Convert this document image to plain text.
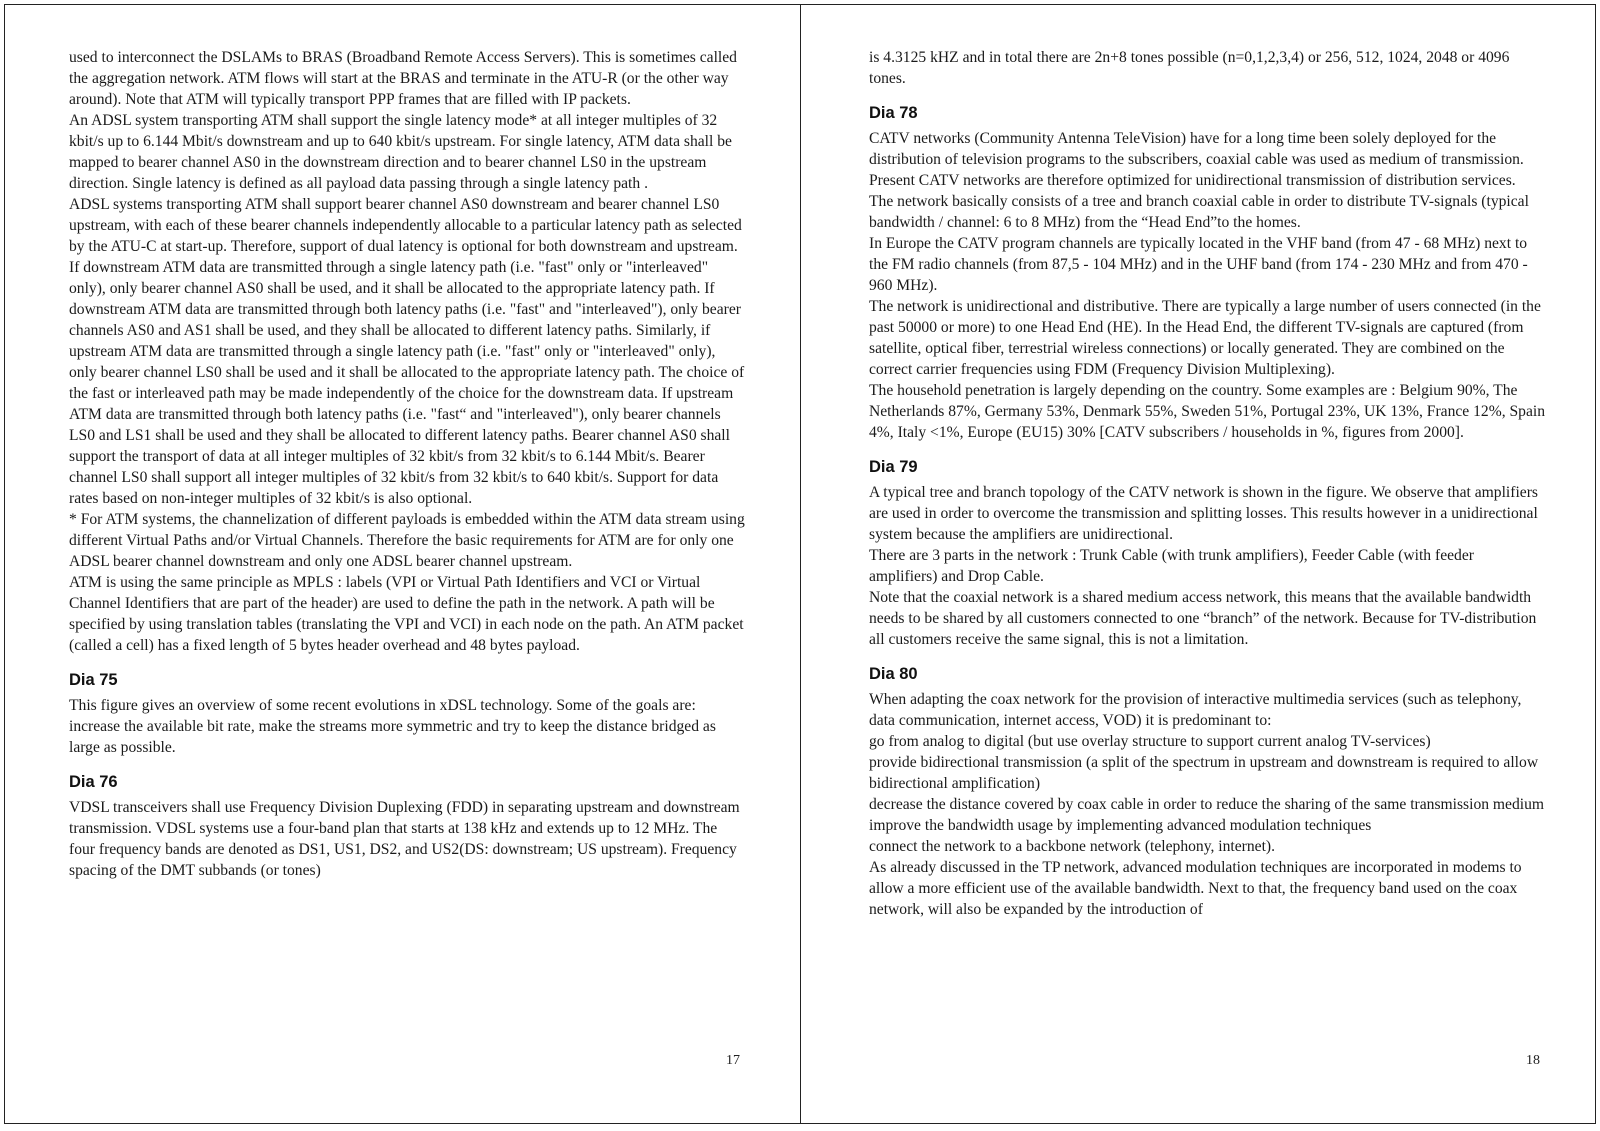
used to interconnect the DSLAMs to BRAS (Broadband Remote Access Servers). This is sometimes called the aggregation network. ATM flows will start at the BRAS and terminate in the ATU-R (or the other way around). Note that ATM will typically transport PPP frames that are filled with IP packets.

An ADSL system transporting ATM shall support the single latency mode* at all integer multiples of 32 kbit/s up to 6.144 Mbit/s downstream and up to 640 kbit/s upstream. For single latency, ATM data shall be mapped to bearer channel AS0 in the downstream direction and to bearer channel LS0 in the upstream direction. Single latency is defined as all payload data passing through a single latency path .

ADSL systems transporting ATM shall support bearer channel AS0 downstream and bearer channel LS0 upstream, with each of these bearer channels independently allocable to a particular latency path as selected by the ATU-C at start-up. Therefore, support of dual latency is optional for both downstream and upstream. If downstream ATM data are transmitted through a single latency path (i.e. "fast" only or "interleaved" only), only bearer channel AS0 shall be used, and it shall be allocated to the appropriate latency path. If downstream ATM data are transmitted through both latency paths (i.e. "fast" and "interleaved"), only bearer channels AS0 and AS1 shall be used, and they shall be allocated to different latency paths. Similarly, if upstream ATM data are transmitted through a single latency path (i.e. "fast" only or "interleaved" only), only bearer channel LS0 shall be used and it shall be allocated to the appropriate latency path. The choice of the fast or interleaved path may be made independently of the choice for the downstream data. If upstream ATM data are transmitted through both latency paths (i.e. "fast“ and "interleaved"), only bearer channels LS0 and LS1 shall be used and they shall be allocated to different latency paths. Bearer channel AS0 shall support the transport of data at all integer multiples of 32 kbit/s from 32 kbit/s to 6.144 Mbit/s. Bearer channel LS0 shall support all integer multiples of 32 kbit/s from 32 kbit/s to 640 kbit/s. Support for data rates based on non-integer multiples of 32 kbit/s is also optional.

* For ATM systems, the channelization of different payloads is embedded within the ATM data stream using different Virtual Paths and/or Virtual Channels. Therefore the basic requirements for ATM are for only one ADSL bearer channel downstream and only one ADSL bearer channel upstream.

ATM is using the same principle as MPLS : labels (VPI or Virtual Path Identifiers and VCI or Virtual Channel Identifiers that are part of the header) are used to define the path in the network. A path will be specified by using translation tables (translating the VPI and VCI) in each node on the path. An ATM packet (called a cell) has a fixed length of 5 bytes header overhead and 48 bytes payload.

Dia 75

This figure gives an overview of some recent evolutions in xDSL technology. Some of the goals are: increase the available bit rate, make the streams more symmetric and try to keep the distance bridged as large as possible.

Dia 76

VDSL transceivers shall use Frequency Division Duplexing (FDD) in separating upstream and downstream transmission. VDSL systems use a four-band plan that starts at 138 kHz and extends up to 12 MHz. The four frequency bands are denoted as DS1, US1, DS2, and US2(DS: downstream; US upstream). Frequency spacing of the DMT subbands (or tones)

17

is 4.3125 kHZ and in total there are 2n+8 tones possible (n=0,1,2,3,4) or 256, 512, 1024, 2048 or 4096 tones.

Dia 78

CATV networks (Community Antenna TeleVision) have for a long time been solely deployed for the distribution of television programs to the subscribers, coaxial cable was used as medium of transmission. Present CATV networks are therefore optimized for unidirectional transmission of distribution services.

The network basically consists of a tree and branch coaxial cable in order to distribute TV-signals (typical bandwidth / channel: 6 to 8 MHz) from the “Head End”to the homes.

In Europe the CATV program channels are typically located in the VHF band (from 47 - 68 MHz) next to the FM radio channels (from 87,5 - 104 MHz) and in the UHF band (from 174 - 230 MHz and from 470 - 960 MHz).

The network is unidirectional and distributive. There are typically a large number of users connected (in the past 50000 or more) to one Head End (HE). In the Head End, the different TV-signals are captured (from satellite, optical fiber, terrestrial wireless connections) or locally generated. They are combined on the correct carrier frequencies using FDM (Frequency Division Multiplexing).

The household penetration is largely depending on the country. Some examples are : Belgium 90%, The Netherlands 87%, Germany 53%, Denmark 55%, Sweden 51%, Portugal 23%, UK 13%, France 12%, Spain 4%, Italy <1%, Europe (EU15) 30% [CATV subscribers / households in %, figures from 2000].

Dia 79

A typical tree and branch topology of the CATV network is shown in the figure. We observe that amplifiers are used in order to overcome the transmission and splitting losses. This results however in a unidirectional system because the amplifiers are unidirectional.

There are 3 parts in the network : Trunk Cable (with trunk amplifiers), Feeder Cable (with feeder amplifiers) and Drop Cable.

Note that the coaxial network is a shared medium access network, this means that the available bandwidth needs to be shared by all customers connected to one “branch” of the network. Because for TV-distribution all customers receive the same signal, this is not a limitation.

Dia 80

When adapting the coax network for the provision of interactive multimedia services (such as telephony, data communication, internet access, VOD) it is predominant to:

go from analog to digital (but use overlay structure to support current analog TV-services)

provide bidirectional transmission (a split of the spectrum in upstream and downstream is required to allow bidirectional amplification)

decrease the distance covered by coax cable in order to reduce the sharing of the same transmission medium

improve the bandwidth usage by implementing advanced modulation techniques

connect the network to a backbone network (telephony, internet).

As already discussed in the TP network, advanced modulation techniques are incorporated in modems to allow a more efficient use of the available bandwidth. Next to that, the frequency band used on the coax network, will also be expanded by the introduction of

18
